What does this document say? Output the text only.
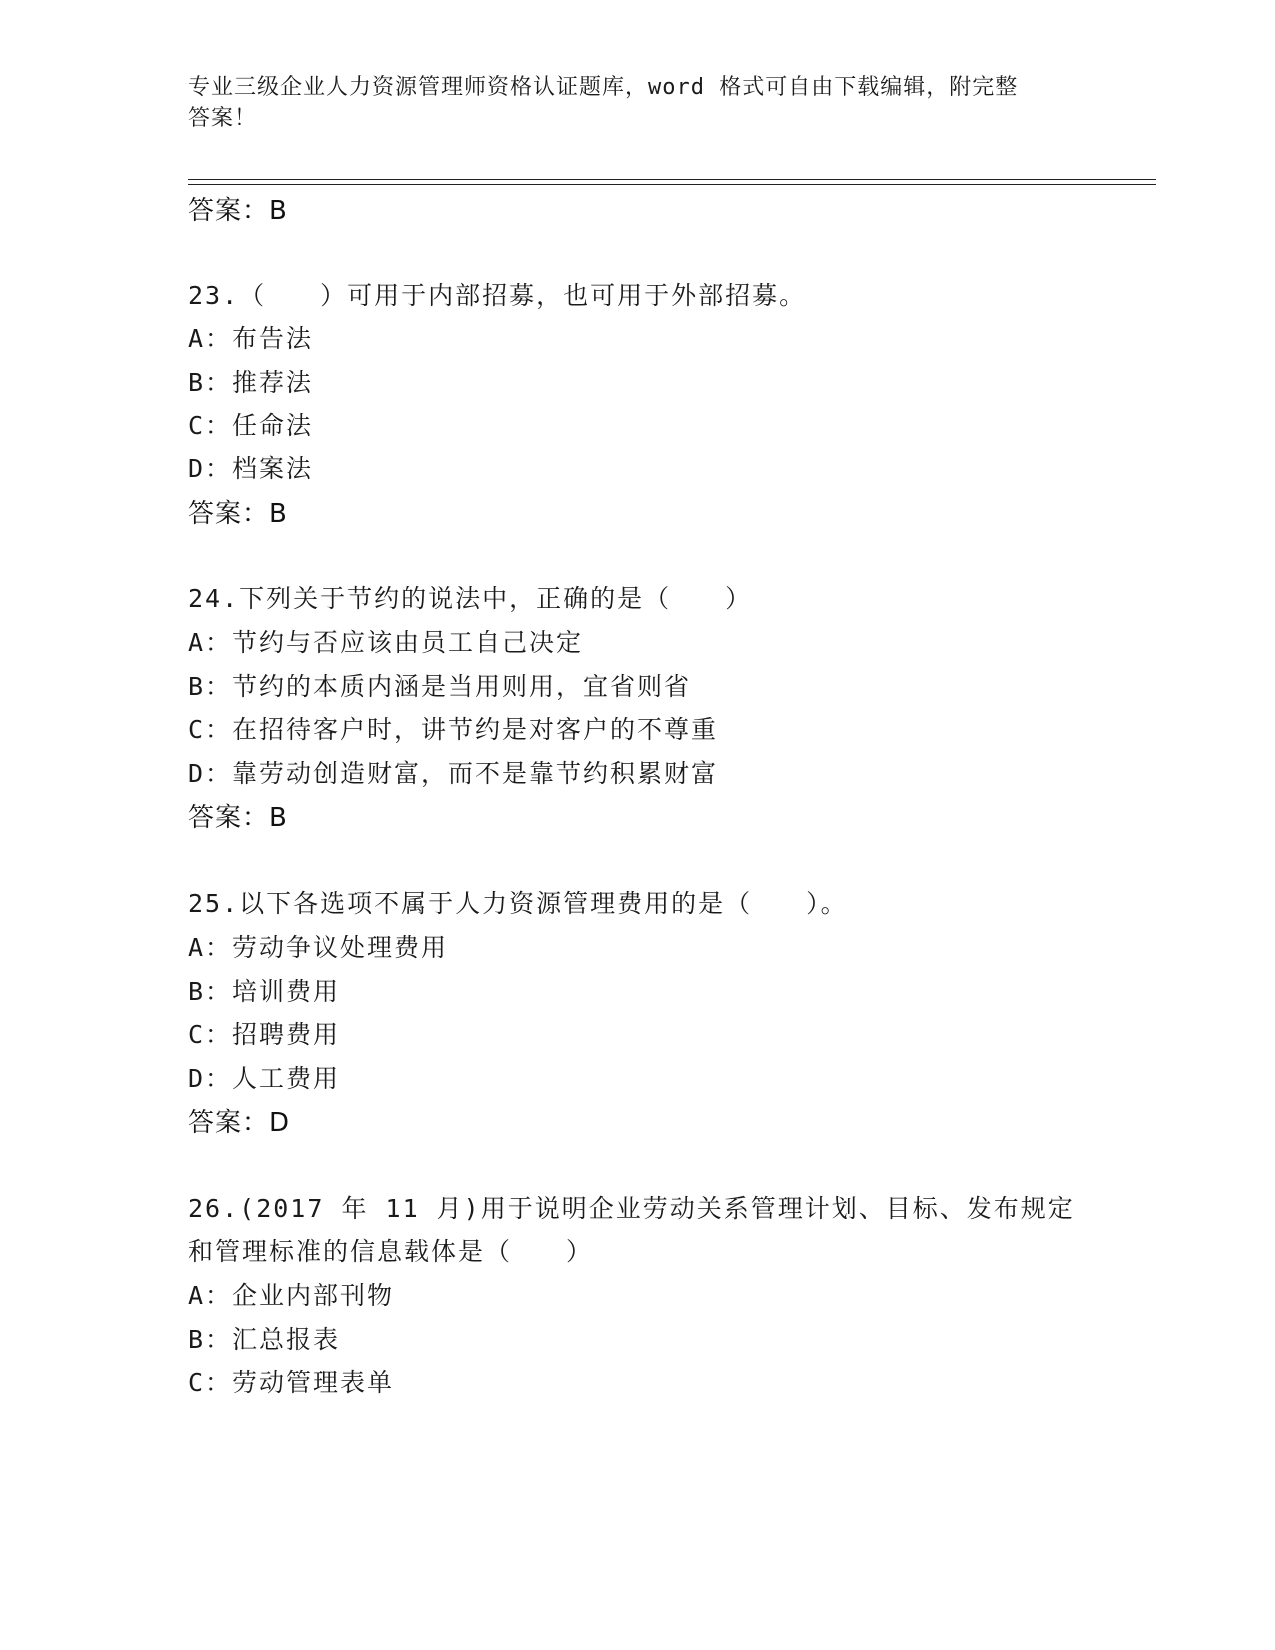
专业三级企业人力资源管理师资格认证题库，word 格式可自由下载编辑，附完整
答案！
答案：B
23.（　　）可用于内部招募，也可用于外部招募。
A：布告法
B：推荐法
C：任命法
D：档案法
答案：B
24.下列关于节约的说法中，正确的是（　　）
A：节约与否应该由员工自己决定
B：节约的本质内涵是当用则用，宜省则省
C：在招待客户时，讲节约是对客户的不尊重
D：靠劳动创造财富，而不是靠节约积累财富
答案：B
25.以下各选项不属于人力资源管理费用的是（　　）。
A：劳动争议处理费用
B：培训费用
C：招聘费用
D：人工费用
答案：D
26.(2017 年 11 月)用于说明企业劳动关系管理计划、目标、发布规定
和管理标准的信息载体是（　　）
A：企业内部刊物
B：汇总报表
C：劳动管理表单
